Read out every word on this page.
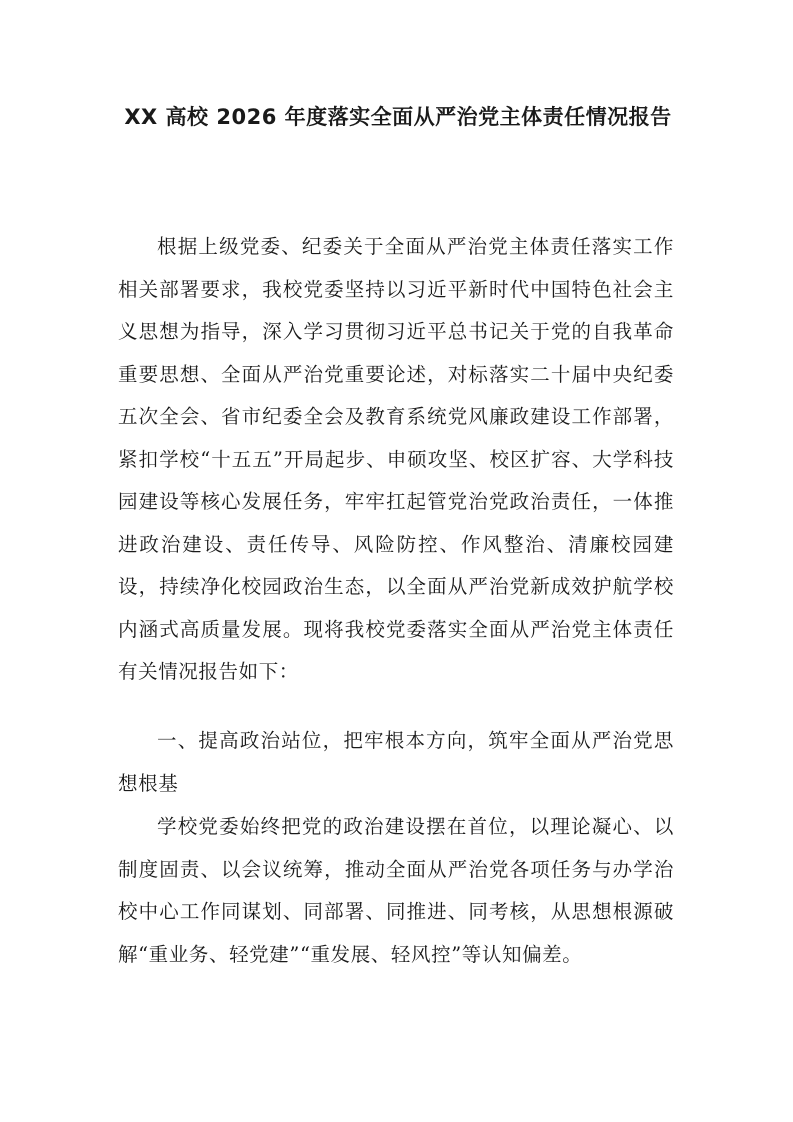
XX 高校 2026 年度落实全面从严治党主体责任情况报告

根据上级党委、纪委关于全面从严治党主体责任落实工作相关部署要求，我校党委坚持以习近平新时代中国特色社会主义思想为指导，深入学习贯彻习近平总书记关于党的自我革命重要思想、全面从严治党重要论述，对标落实二十届中央纪委五次全会、省市纪委全会及教育系统党风廉政建设工作部署，紧扣学校“十五五”开局起步、申硕攻坚、校区扩容、大学科技园建设等核心发展任务，牢牢扛起管党治党政治责任，一体推进政治建设、责任传导、风险防控、作风整治、清廉校园建设，持续净化校园政治生态，以全面从严治党新成效护航学校内涵式高质量发展。现将我校党委落实全面从严治党主体责任有关情况报告如下：

一、提高政治站位，把牢根本方向，筑牢全面从严治党思想根基

学校党委始终把党的政治建设摆在首位，以理论凝心、以制度固责、以会议统筹，推动全面从严治党各项任务与办学治校中心工作同谋划、同部署、同推进、同考核，从思想根源破解“重业务、轻党建”“重发展、轻风控”等认知偏差。
